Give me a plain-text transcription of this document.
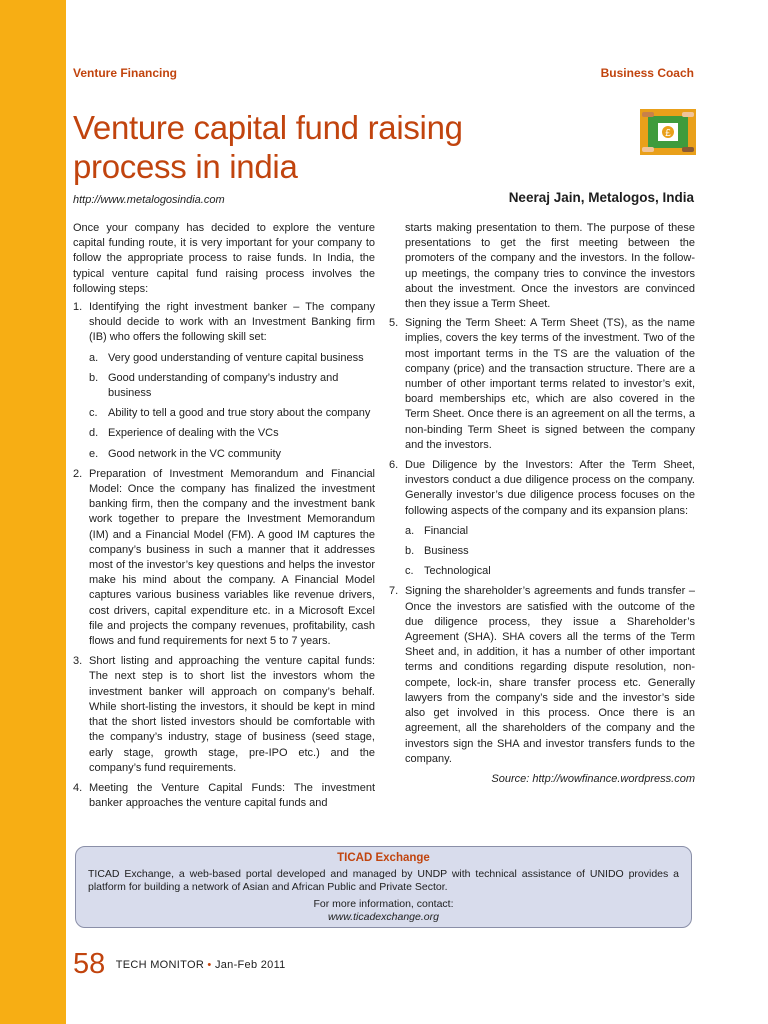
Venture Financing	Business Coach
Venture capital fund raising process in india
£
http://www.metalogosindia.com	Neeraj Jain, Metalogos, India

Once your company has decided to explore the venture capital funding route, it is very important for your company to follow the appropriate process to raise funds. In India, the typical venture capital fund raising process involves the following steps:

1. Identifying the right investment banker – The company should decide to work with an Investment Banking firm (IB) who offers the following skill set:
a. Very good understanding of venture capital business
b. Good understanding of company’s industry and business
c. Ability to tell a good and true story about the company
d. Experience of dealing with the VCs
e. Good network in the VC community
2. Preparation of Investment Memorandum and Financial Model: Once the company has finalized the investment banking firm, then the company and the investment bank work together to prepare the Investment Memorandum (IM) and a Financial Model (FM). A good IM captures the company’s business in such a manner that it addresses most of the investor’s key questions and helps the investor make his mind about the company. A Financial Model captures various business variables like revenue drivers, cost drivers, capital expenditure etc. in a Microsoft Excel file and projects the company revenues, profitability, cash flows and fund requirements for next 5 to 7 years.
3. Short listing and approaching the venture capital funds: The next step is to short list the investors whom the investment banker will approach on company’s behalf. While short-listing the investors, it should be kept in mind that the short listed investors should be comfortable with the company’s industry, stage of business (seed stage, early stage, growth stage, pre-IPO etc.) and the company’s fund requirements.
4. Meeting the Venture Capital Funds: The investment banker approaches the venture capital funds and
starts making presentation to them. The purpose of these presentations to get the first meeting between the promoters of the company and the investors. In the follow-up meetings, the company tries to convince the investors about the investment. Once the investors are convinced then they issue a Term Sheet.
5. Signing the Term Sheet: A Term Sheet (TS), as the name implies, covers the key terms of the investment. Two of the most important terms in the TS are the valuation of the company (price) and the transaction structure. There are a number of other important terms related to investor’s exit, board memberships etc, which are also covered in the Term Sheet. Once there is an agreement on all the terms, a non-binding Term Sheet is signed between the company and the investors.
6. Due Diligence by the Investors: After the Term Sheet, investors conduct a due diligence process on the company. Generally investor’s due diligence process focuses on the following aspects of the company and its expansion plans:
a. Financial
b. Business
c. Technological
7. Signing the shareholder’s agreements and funds transfer – Once the investors are satisfied with the outcome of the due diligence process, they issue a Shareholder’s Agreement (SHA). SHA covers all the terms of the Term Sheet and, in addition, it has a number of other important terms and conditions regarding dispute resolution, non-compete, lock-in, share transfer process etc. Generally lawyers from the company’s side and the investor’s side also get involved in this process. Once there is an agreement, all the shareholders of the company and the investors sign the SHA and investor transfers funds to the company.
Source: http://wowfinance.wordpress.com
TICAD Exchange
TICAD Exchange, a web-based portal developed and managed by UNDP with technical assistance of UNIDO provides a platform for building a network of Asian and African Public and Private Sector.
For more information, contact:
www.ticadexchange.org
58 TECH MONITOR • Jan-Feb 2011
